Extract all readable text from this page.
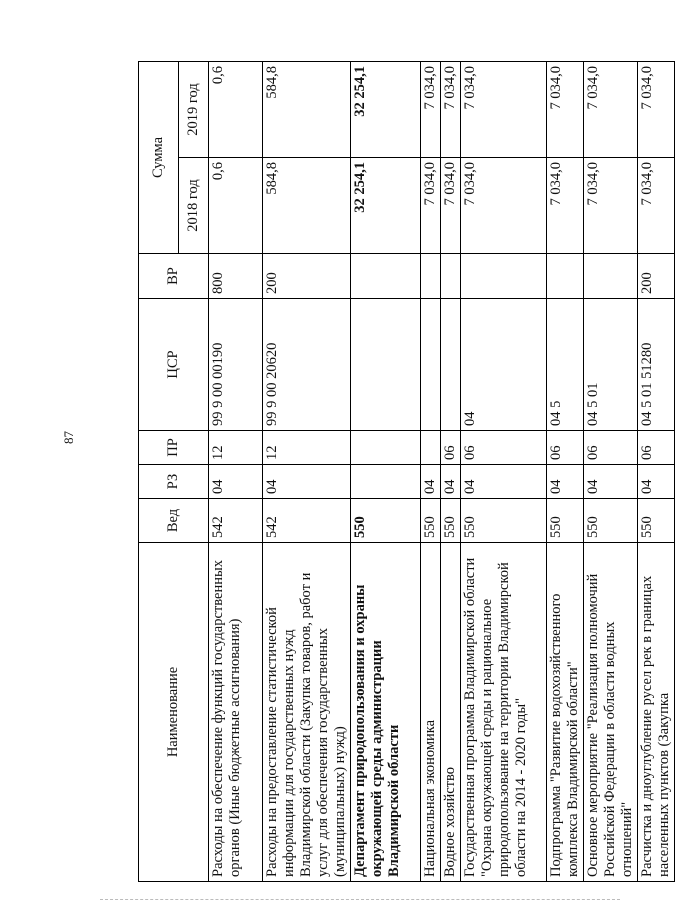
87
Наименование	Вед	РЗ	ПР	ЦСР	ВР	Сумма	
						2018 год	2019 год
Расходы на обеспечение функций государственных органов (Иные бюджетные ассигнования)	542	04	12	99 9 00 00190	800	0,6	0,6
Расходы на предоставление статистической информации для государственных нужд Владимирской области (Закупка товаров, работ и услуг для обеспечения государственных (муниципальных) нужд)	542	04	12	99 9 00 20620	200	584,8	584,8
Департамент природопользования и охраны окружающей среды администрации Владимирской области	550					32 254,1	32 254,1
Национальная экономика	550	04				7 034,0	7 034,0
Водное хозяйство	550	04	06			7 034,0	7 034,0
Государственная программа Владимирской области "Охрана окружающей среды и рациональное природопользование на территории Владимирской области на 2014 - 2020 годы"	550	04	06	04		7 034,0	7 034,0
Подпрограмма "Развитие водохозяйственного комплекса Владимирской области"	550	04	06	04 5		7 034,0	7 034,0
Основное мероприятие "Реализация полномочий Российской Федерации в области водных отношений"	550	04	06	04 5 01		7 034,0	7 034,0
Расчистка и дноуглубление русел рек в границах населенных пунктов (Закупка	550	04	06	04 5 01 51280	200	7 034,0	7 034,0
